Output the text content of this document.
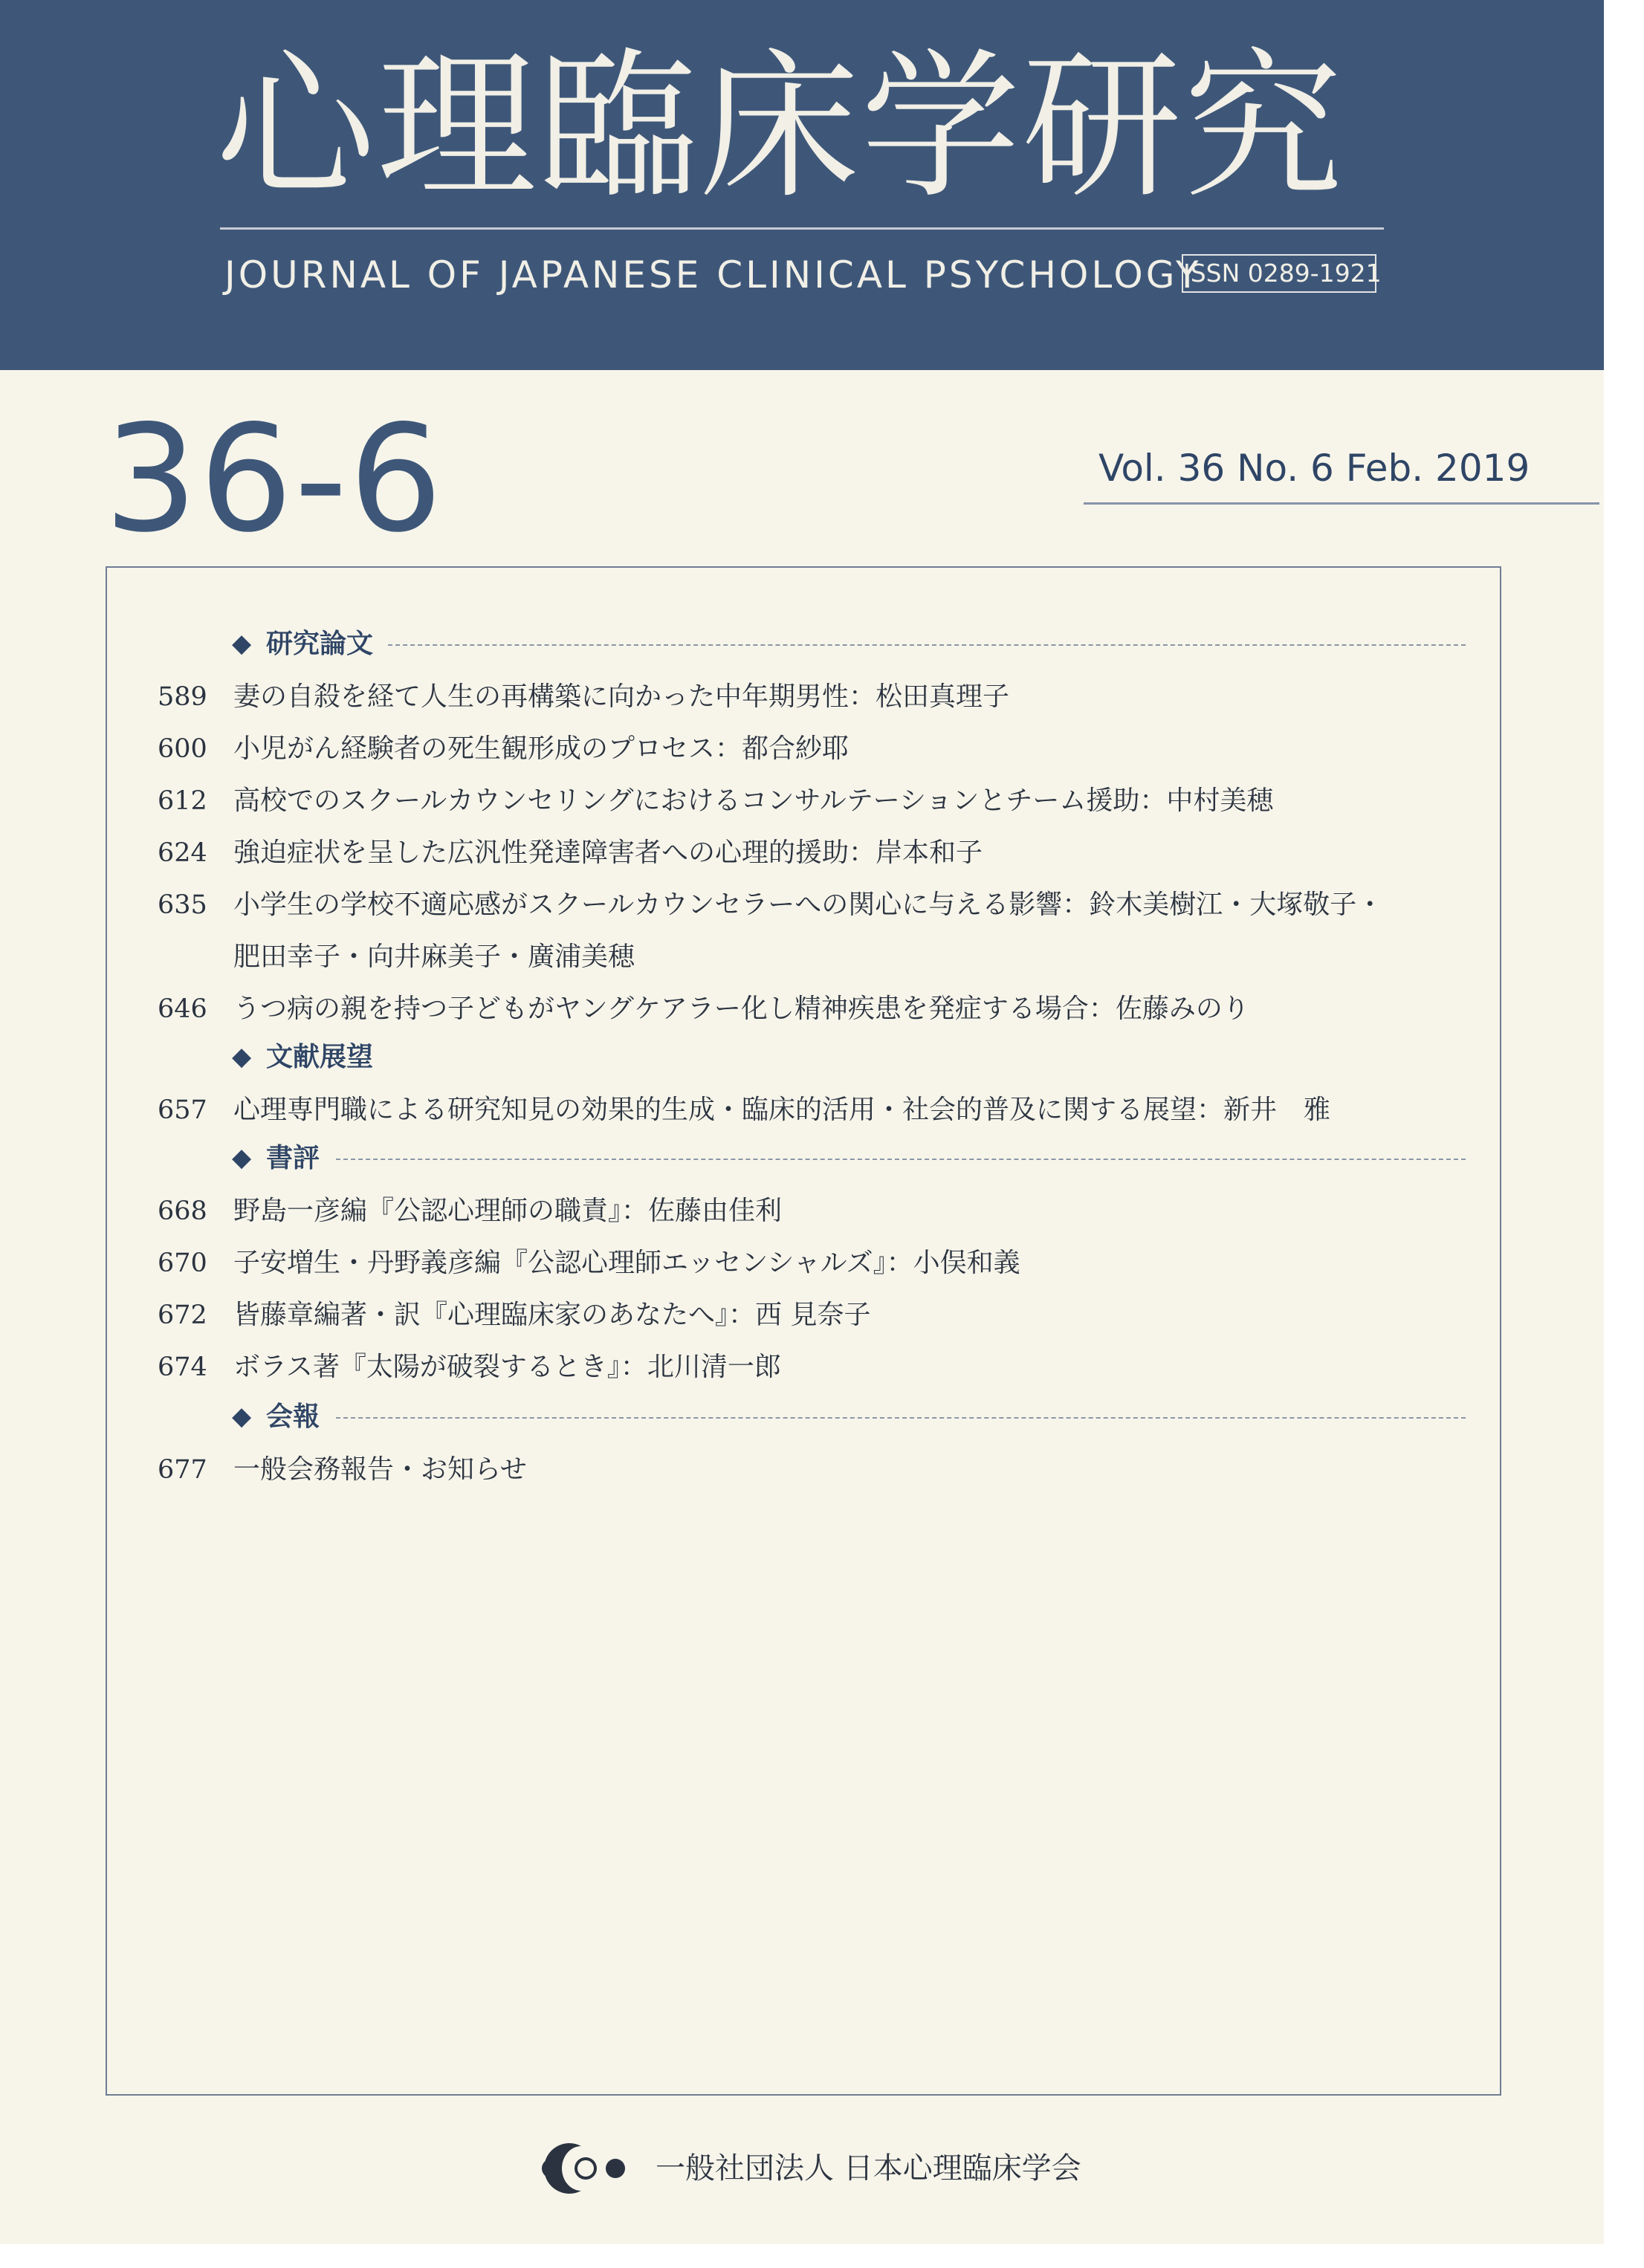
心理臨床学研究
JOURNAL OF JAPANESE CLINICAL PSYCHOLOGY
ISSN 0289-1921
36-6	Vol. 36 No. 6 Feb. 2019
◆ 研究論文
589 妻の自殺を経て人生の再構築に向かった中年期男性：松田真理子
600 小児がん経験者の死生観形成のプロセス：都合紗耶
612 高校でのスクールカウンセリングにおけるコンサルテーションとチーム援助：中村美穂
624 強迫症状を呈した広汎性発達障害者への心理的援助：岸本和子
635 小学生の学校不適応感がスクールカウンセラーへの関心に与える影響：鈴木美樹江・大塚敬子・
肥田幸子・向井麻美子・廣浦美穂
646 うつ病の親を持つ子どもがヤングケアラー化し精神疾患を発症する場合：佐藤みのり
◆ 文献展望
657 心理専門職による研究知見の効果的生成・臨床的活用・社会的普及に関する展望：新井　雅
◆ 書評
668 野島一彦編『公認心理師の職責』：佐藤由佳利
670 子安増生・丹野義彦編『公認心理師エッセンシャルズ』：小俣和義
672 皆藤章編著・訳『心理臨床家のあなたへ』：西 見奈子
674 ボラス著『太陽が破裂するとき』：北川清一郎
◆ 会報
677 一般会務報告・お知らせ
一般社団法人 日本心理臨床学会
